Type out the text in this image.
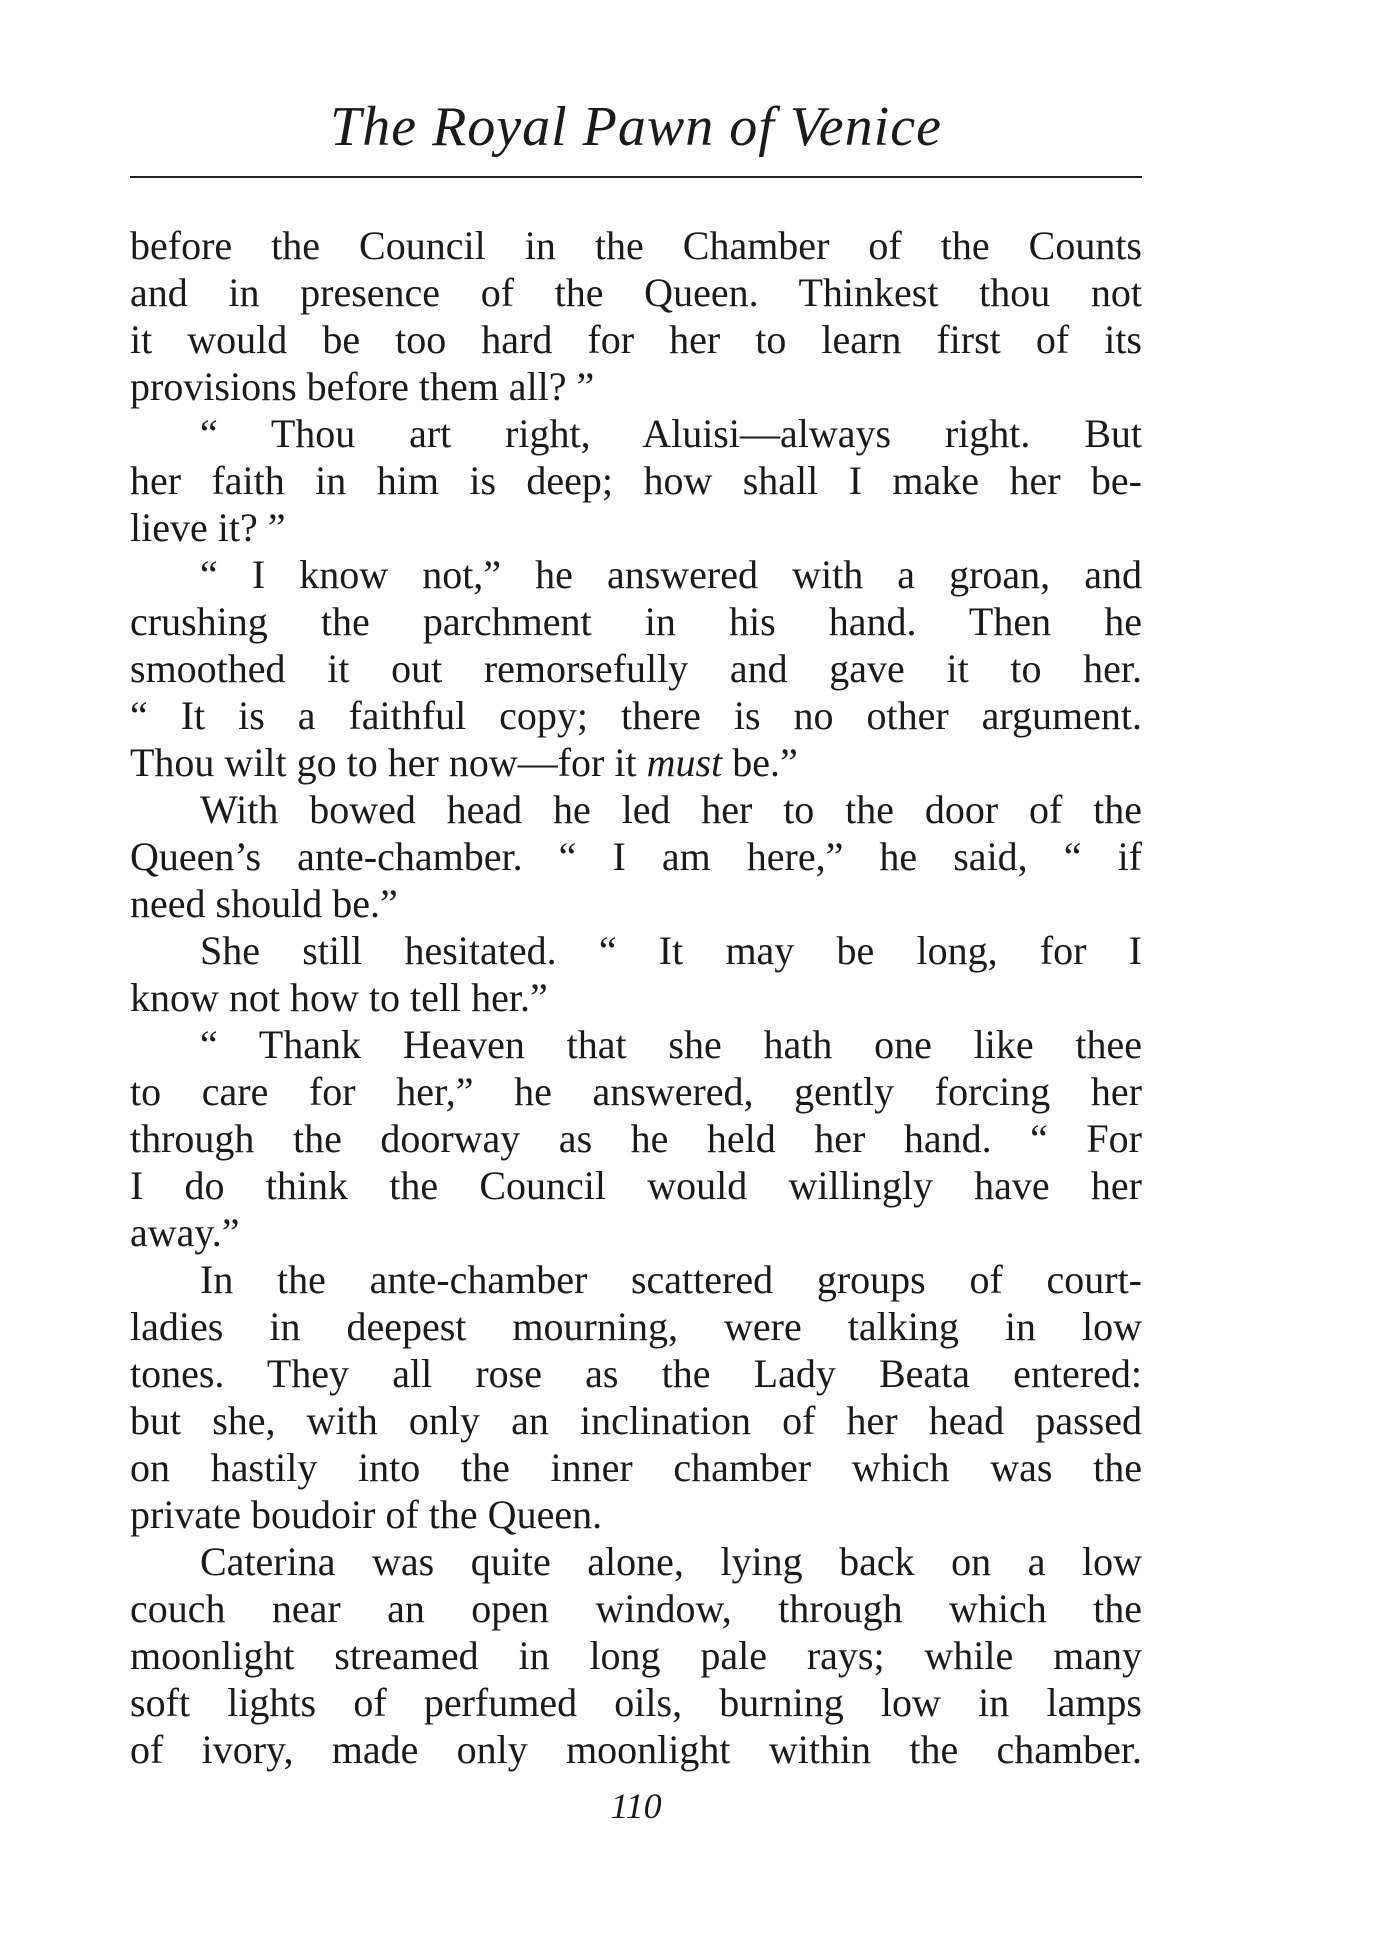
The Royal Pawn of Venice
before the Council in the Chamber of the Counts
and in presence of the Queen. Thinkest thou not
it would be too hard for her to learn first of its
provisions before them all? ”
“ Thou art right, Aluisi—always right. But
her faith in him is deep; how shall I make her be-
lieve it? ”
“ I know not,” he answered with a groan, and
crushing the parchment in his hand. Then he
smoothed it out remorsefully and gave it to her.
“ It is a faithful copy; there is no other argument.
Thou wilt go to her now—for it must be.”
With bowed head he led her to the door of the
Queen’s ante-chamber. “ I am here,” he said, “ if
need should be.”
She still hesitated. “ It may be long, for I
know not how to tell her.”
“ Thank Heaven that she hath one like thee
to care for her,” he answered, gently forcing her
through the doorway as he held her hand. “ For
I do think the Council would willingly have her
away.”
In the ante-chamber scattered groups of court-
ladies in deepest mourning, were talking in low
tones. They all rose as the Lady Beata entered:
but she, with only an inclination of her head passed
on hastily into the inner chamber which was the
private boudoir of the Queen.
Caterina was quite alone, lying back on a low
couch near an open window, through which the
moonlight streamed in long pale rays; while many
soft lights of perfumed oils, burning low in lamps
of ivory, made only moonlight within the chamber.
110
